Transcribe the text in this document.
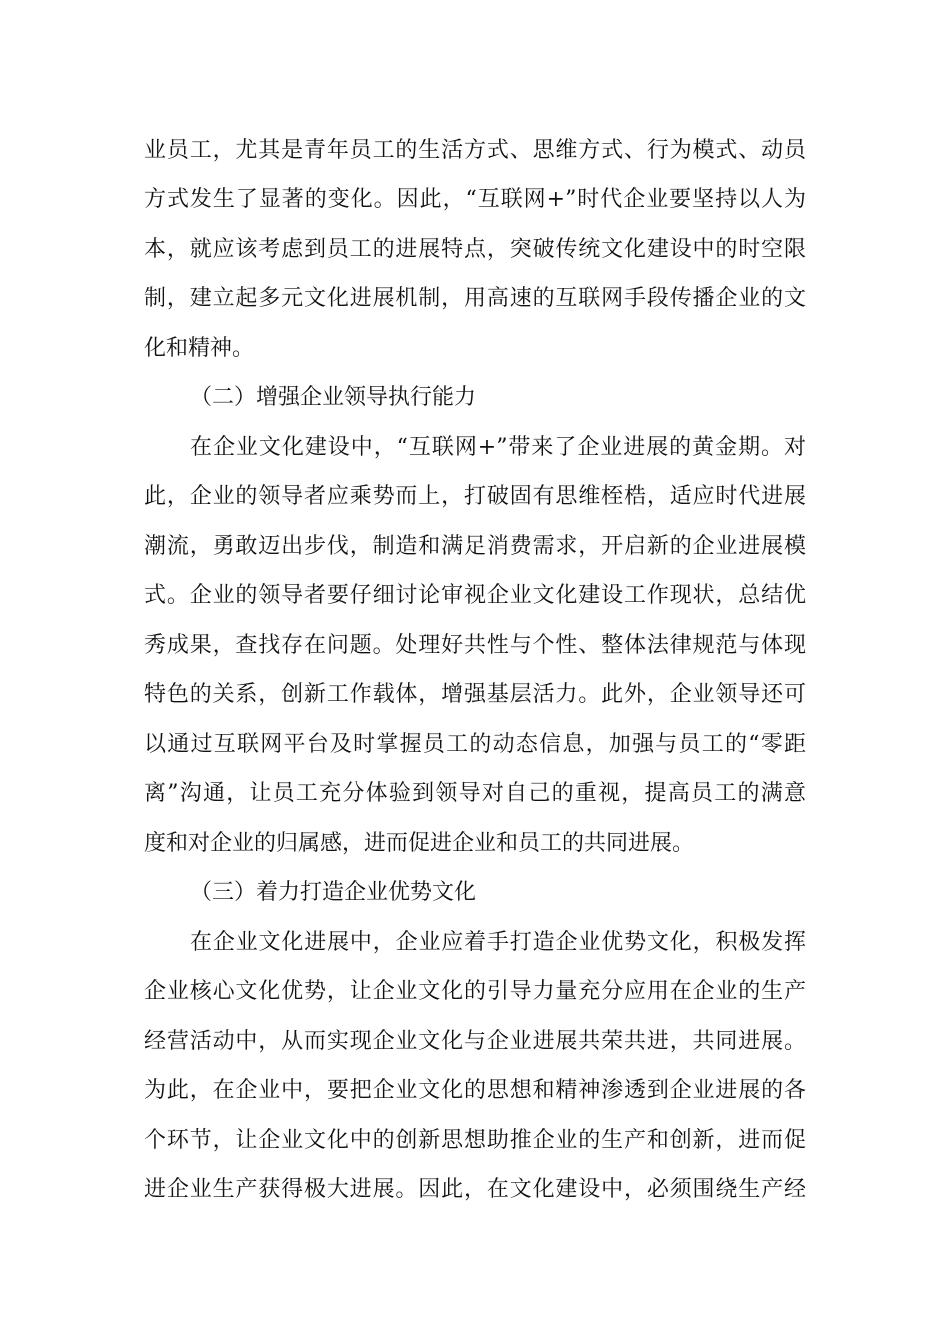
业员工，尤其是青年员工的生活方式、思维方式、行为模式、动员
方式发生了显著的变化。因此，“互联网+”时代企业要坚持以人为
本，就应该考虑到员工的进展特点，突破传统文化建设中的时空限
制，建立起多元文化进展机制，用高速的互联网手段传播企业的文
化和精神。
（二）增强企业领导执行能力
在企业文化建设中，“互联网+”带来了企业进展的黄金期。对
此，企业的领导者应乘势而上，打破固有思维桎梏，适应时代进展
潮流，勇敢迈出步伐，制造和满足消费需求，开启新的企业进展模
式。企业的领导者要仔细讨论审视企业文化建设工作现状，总结优
秀成果，查找存在问题。处理好共性与个性、整体法律规范与体现
特色的关系，创新工作载体，增强基层活力。此外，企业领导还可
以通过互联网平台及时掌握员工的动态信息，加强与员工的“零距
离”沟通，让员工充分体验到领导对自己的重视，提高员工的满意
度和对企业的归属感，进而促进企业和员工的共同进展。
（三）着力打造企业优势文化
在企业文化进展中，企业应着手打造企业优势文化，积极发挥
企业核心文化优势，让企业文化的引导力量充分应用在企业的生产
经营活动中，从而实现企业文化与企业进展共荣共进，共同进展。
为此，在企业中，要把企业文化的思想和精神渗透到企业进展的各
个环节，让企业文化中的创新思想助推企业的生产和创新，进而促
进企业生产获得极大进展。因此，在文化建设中，必须围绕生产经
